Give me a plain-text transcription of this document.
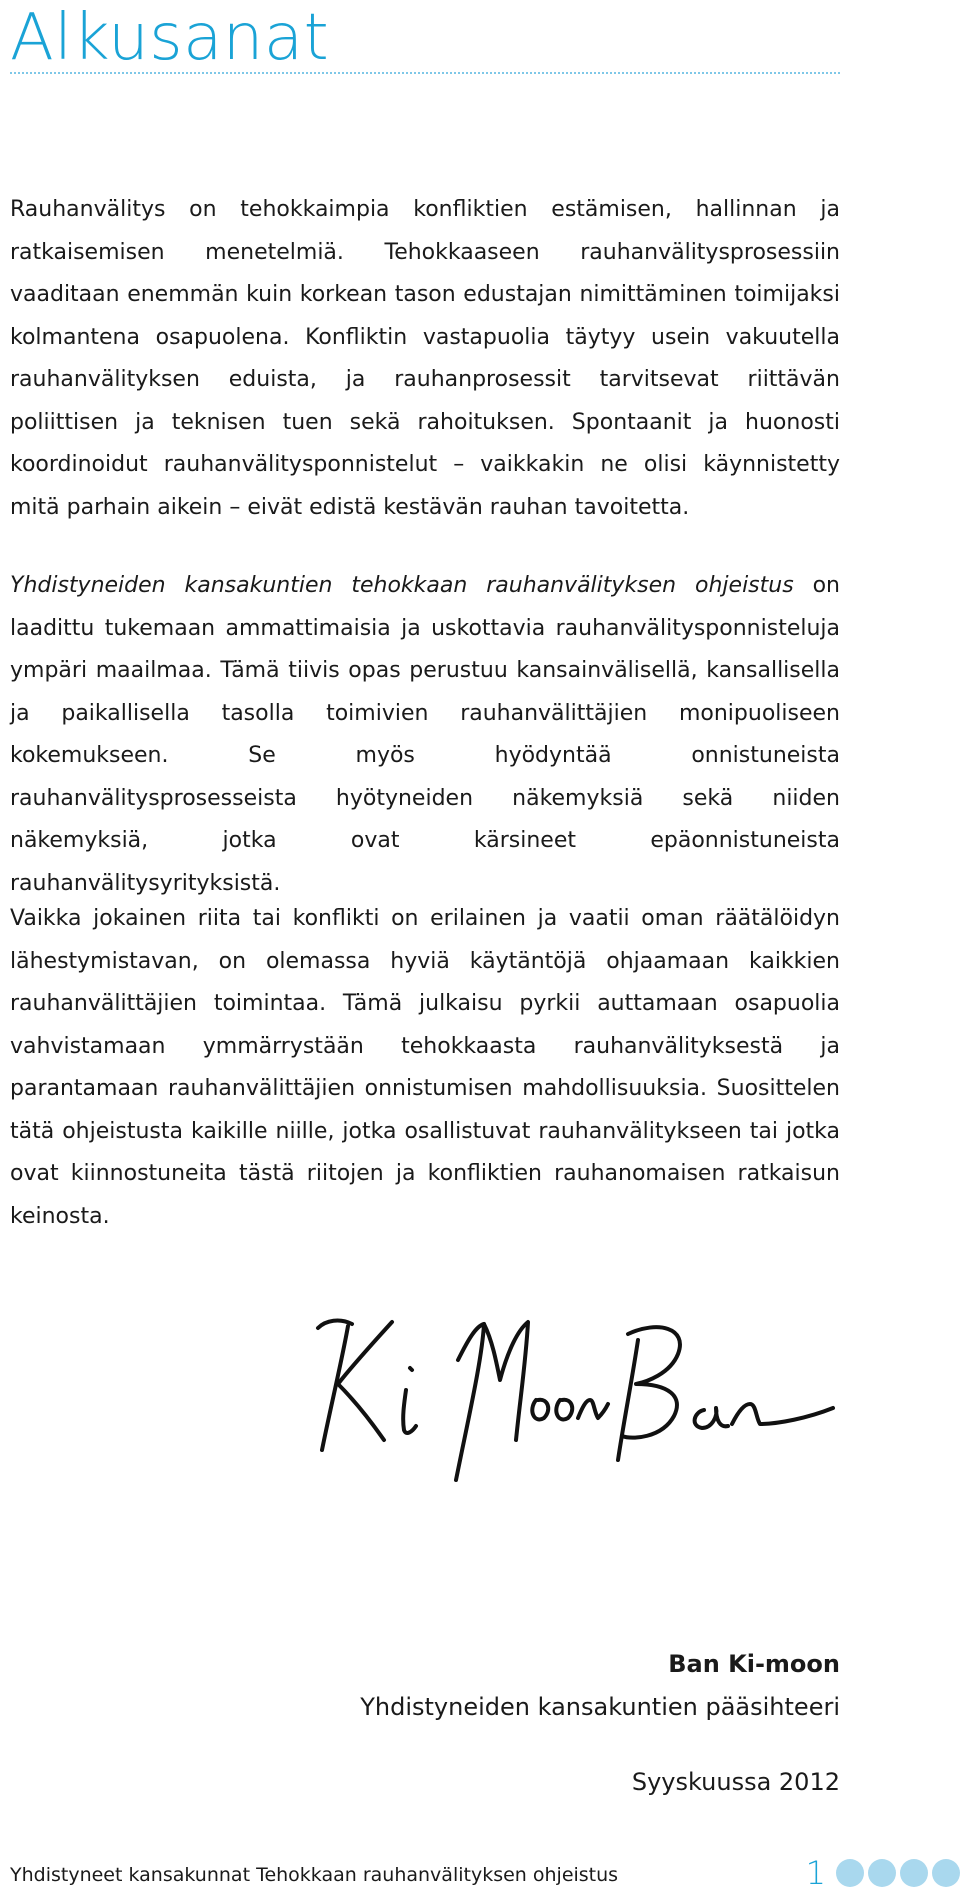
Alkusanat

Rauhanvälitys on tehokkaimpia konfliktien estämisen, hallinnan ja ratkaisemisen menetelmiä. Tehokkaaseen rauhanvälitysprosessiin vaaditaan enemmän kuin korkean tason edustajan nimittäminen toimijaksi kolmantena osapuolena. Konfliktin vastapuolia täytyy usein vakuutella rauhanvälityksen eduista, ja rauhanprosessit tarvitsevat riittävän poliittisen ja teknisen tuen sekä rahoituksen. Spontaanit ja huonosti koordinoidut rauhanvälitysponnistelut – vaikkakin ne olisi käynnistetty mitä parhain aikein – eivät edistä kestävän rauhan tavoitetta.

Yhdistyneiden kansakuntien tehokkaan rauhanvälityksen ohjeistus on laadittu tukemaan ammattimaisia ja uskottavia rauhanvälitysponnisteluja ympäri maailmaa. Tämä tiivis opas perustuu kansainvälisellä, kansallisella ja paikallisella tasolla toimivien rauhanvälittäjien monipuoliseen kokemukseen. Se myös hyödyntää onnistuneista rauhanvälitysprosesseista hyötyneiden näkemyksiä sekä niiden näkemyksiä, jotka ovat kärsineet epäonnistuneista rauhanvälitysyrityksistä.

Vaikka jokainen riita tai konflikti on erilainen ja vaatii oman räätälöidyn lähestymistavan, on olemassa hyviä käytäntöjä ohjaamaan kaikkien rauhanvälittäjien toimintaa. Tämä julkaisu pyrkii auttamaan osapuolia vahvistamaan ymmärrystään tehokkaasta rauhanvälityksestä ja parantamaan rauhanvälittäjien onnistumisen mahdollisuuksia. Suosittelen tätä ohjeistusta kaikille niille, jotka osallistuvat rauhanvälitykseen tai jotka ovat kiinnostuneita tästä riitojen ja konfliktien rauhanomaisen ratkaisun keinosta.

Ban Ki-moon
Yhdistyneiden kansakuntien pääsihteeri
Syyskuussa 2012
Yhdistyneet kansakunnat Tehokkaan rauhanvälityksen ohjeistus	1
